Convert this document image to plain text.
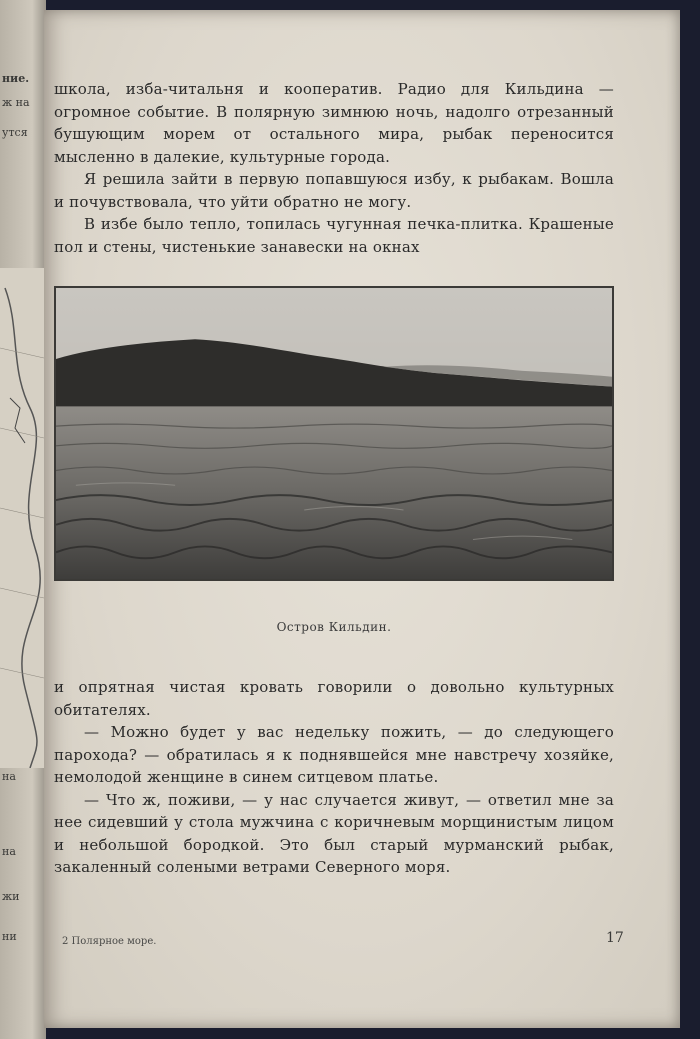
ние.
ж на
утся
на
на
жи
ни

школа, изба-читальня и кооператив. Радио для Кильдина — огромное событие. В полярную зимнюю ночь, надолго отрезанный бушующим морем от остального мира, рыбак переносится мысленно в далекие, культурные города.

Я решила зайти в первую попавшуюся избу, к рыбакам. Вошла и почувствовала, что уйти обратно не могу.

В избе было тепло, топилась чугунная печка-плитка. Крашеные пол и стены, чистенькие занавески на окнах

Остров Кильдин.

и опрятная чистая кровать говорили о довольно культурных обитателях.

— Можно будет у вас недельку пожить, — до следующего парохода? — обратилась я к поднявшейся мне навстречу хозяйке, немолодой женщине в синем ситцевом платье.

— Что ж, поживи, — у нас случается живут, — ответил мне за нее сидевший у стола мужчина с коричневым морщинистым лицом и небольшой бородкой. Это был старый мурманский рыбак, закаленный солеными ветрами Северного моря.

2 Полярное море.	17
